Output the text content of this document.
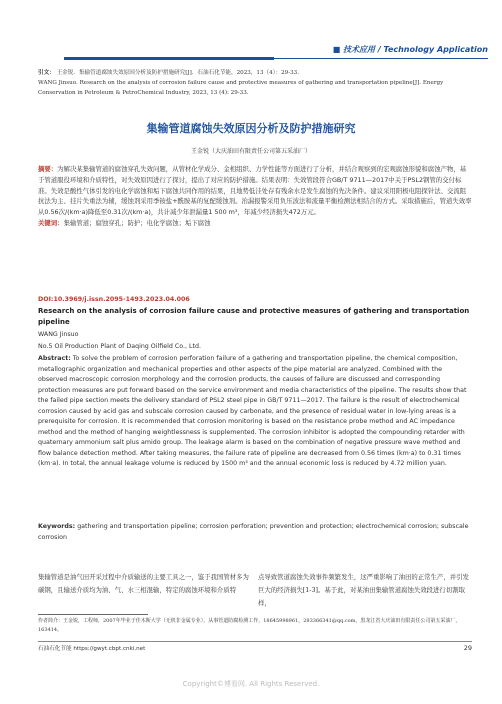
■ 技术应用 / Technology Application
引文： 王金锐．集输管道腐蚀失效原因分析及防护措施研究[J]．石油石化节能，2023，13（4）：29-33.
WANG Jinsuo. Research on the analysis of corrosion failure cause and protective measures of gathering and transportation pipeline[J]. Energy Conservation in Petroleum & PetroChemical Industry, 2023, 13 (4): 29-33.
集输管道腐蚀失效原因分析及防护措施研究
王金锐（大庆油田有限责任公司第五采油厂）
摘要：为解决某集输管道的腐蚀穿孔失效问题，从管材化学成分、金相组织、力学性能等方面进行了分析，并结合观察到的宏观腐蚀形貌和腐蚀产物，基于管道服役环境和介质特性，对失效原因进行了探讨，提出了对应的防护措施。结果表明：失效管段符合GB/T 9711—2017中关于PSL2钢管的交付标准。失效是酸性气体引发的电化学腐蚀和垢下腐蚀共同作用的结果，且地势低洼处存有残余水是发生腐蚀的先决条件。建议采用阳极电阻探针法、交流阻抗法为主、挂片失重法为辅，缓蚀剂采用季铵盐+酰胺基的复配缓蚀剂。治漏报警采用负压波法和流量平衡检测法相结合的方式。采取措施后，管道失效率从0.56次/(km·a)降低至0.31次/(km·a)，共计减少年泄漏量1 500 m³，年减少经济损失472万元。
关键词：集输管道；腐蚀穿孔；防护；电化学腐蚀；垢下腐蚀
DOI:10.3969/j.issn.2095-1493.2023.04.006
Research on the analysis of corrosion failure cause and protective measures of gathering and transportation pipeline
WANG Jinsuo
No.5 Oil Production Plant of Daqing Oilfield Co., Ltd.
Abstract: To solve the problem of corrosion perforation failure of a gathering and transportation pipeline, the chemical composition, metallographic organization and mechanical properties and other aspects of the pipe material are analyzed. Combined with the observed macroscopic corrosion morphology and the corrosion products, the causes of failure are discussed and corresponding protection measures are put forward based on the service environment and media characteristics of the pipeline. The results show that the failed pipe section meets the delivery standard of PSL2 steel pipe in GB/T 9711—2017. The failure is the result of electrochemical corrosion caused by acid gas and subscale corrosion caused by carbonate, and the presence of residual water in low-lying areas is a prerequisite for corrosion. It is recommended that corrosion monitoring is based on the resistance probe method and AC impedance method and the method of hanging weightlessness is supplemented. The corrosion inhibitor is adopted the compounding retarder with quaternary ammonium salt plus amido group. The leakage alarm is based on the combination of negative pressure wave method and flow balance detection method. After taking measures, the failure rate of pipeline are decreased from 0.56 times (km·a) to 0.31 times (km·a). In total, the annual leakage volume is reduced by 1500 m³ and the annual economic loss is reduced by 4.72 million yuan.
Keywords: gathering and transportation pipeline; corrosion perforation; prevention and protection; electrochemical corrosion; subscale corrosion
集输管道是油气田开采过程中介质输送的主要工具之一，鉴于我国管材多为碳钢，且输送介质均为油、气、水三相混输，特定的腐蚀环境和介质特
点导致管道腐蚀失效事件频繁发生，这严重影响了油田的正常生产，并引发巨大的经济损失[1-3]。基于此，对某油田集输管道腐蚀失效段进行切割取样，
作者简介：王金锐，工程师，2007年毕业于佳木斯大学（无机非金属专业），从事管道防腐检测工作，18645998961，283366341@qq.com，黑龙江省大庆油田有限责任公司第五采油厂，163414。
石油石化节能 https://gwyt.cbpt.cnki.net	29
Copyright©博看网. All Rights Reserved.
